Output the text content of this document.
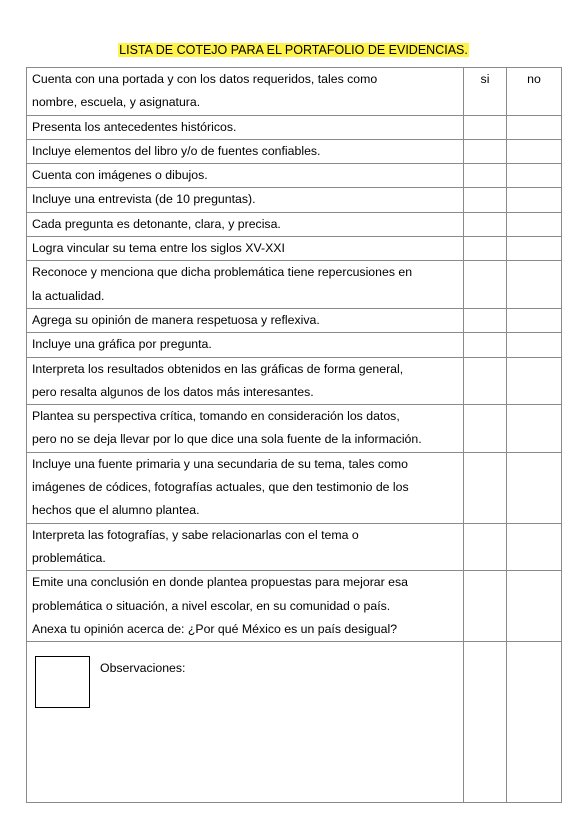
LISTA DE COTEJO PARA EL PORTAFOLIO DE EVIDENCIAS.
Cuenta con una portada y con los datos requeridos, tales como
nombre, escuela, y asignatura.	si	no

Presenta los antecedentes históricos.		

Incluye elementos del libro y/o de fuentes confiables.		

Cuenta con imágenes o dibujos.		

Incluye una entrevista (de 10 preguntas).		

Cada pregunta es detonante, clara, y precisa.		

Logra vincular su tema entre los siglos XV-XXI		

Reconoce y menciona que dicha problemática tiene repercusiones en
la actualidad.		

Agrega su opinión de manera respetuosa y reflexiva.		

Incluye una gráfica por pregunta.		

Interpreta los resultados obtenidos en las gráficas de forma general,
pero resalta algunos de los datos más interesantes.		

Plantea su perspectiva crítica, tomando en consideración los datos,
pero no se deja llevar por lo que dice una sola fuente de la información.		

Incluye una fuente primaria y una secundaria de su tema, tales como
imágenes de códices, fotografías actuales, que den testimonio de los
hechos que el alumno plantea.		

Interpreta las fotografías, y sabe relacionarlas con el tema o
problemática.		

Emite una conclusión en donde plantea propuestas para mejorar esa
problemática o situación, a nivel escolar, en su comunidad o país.
Anexa tu opinión acerca de: ¿Por qué México es un país desigual?		

Observaciones:		
